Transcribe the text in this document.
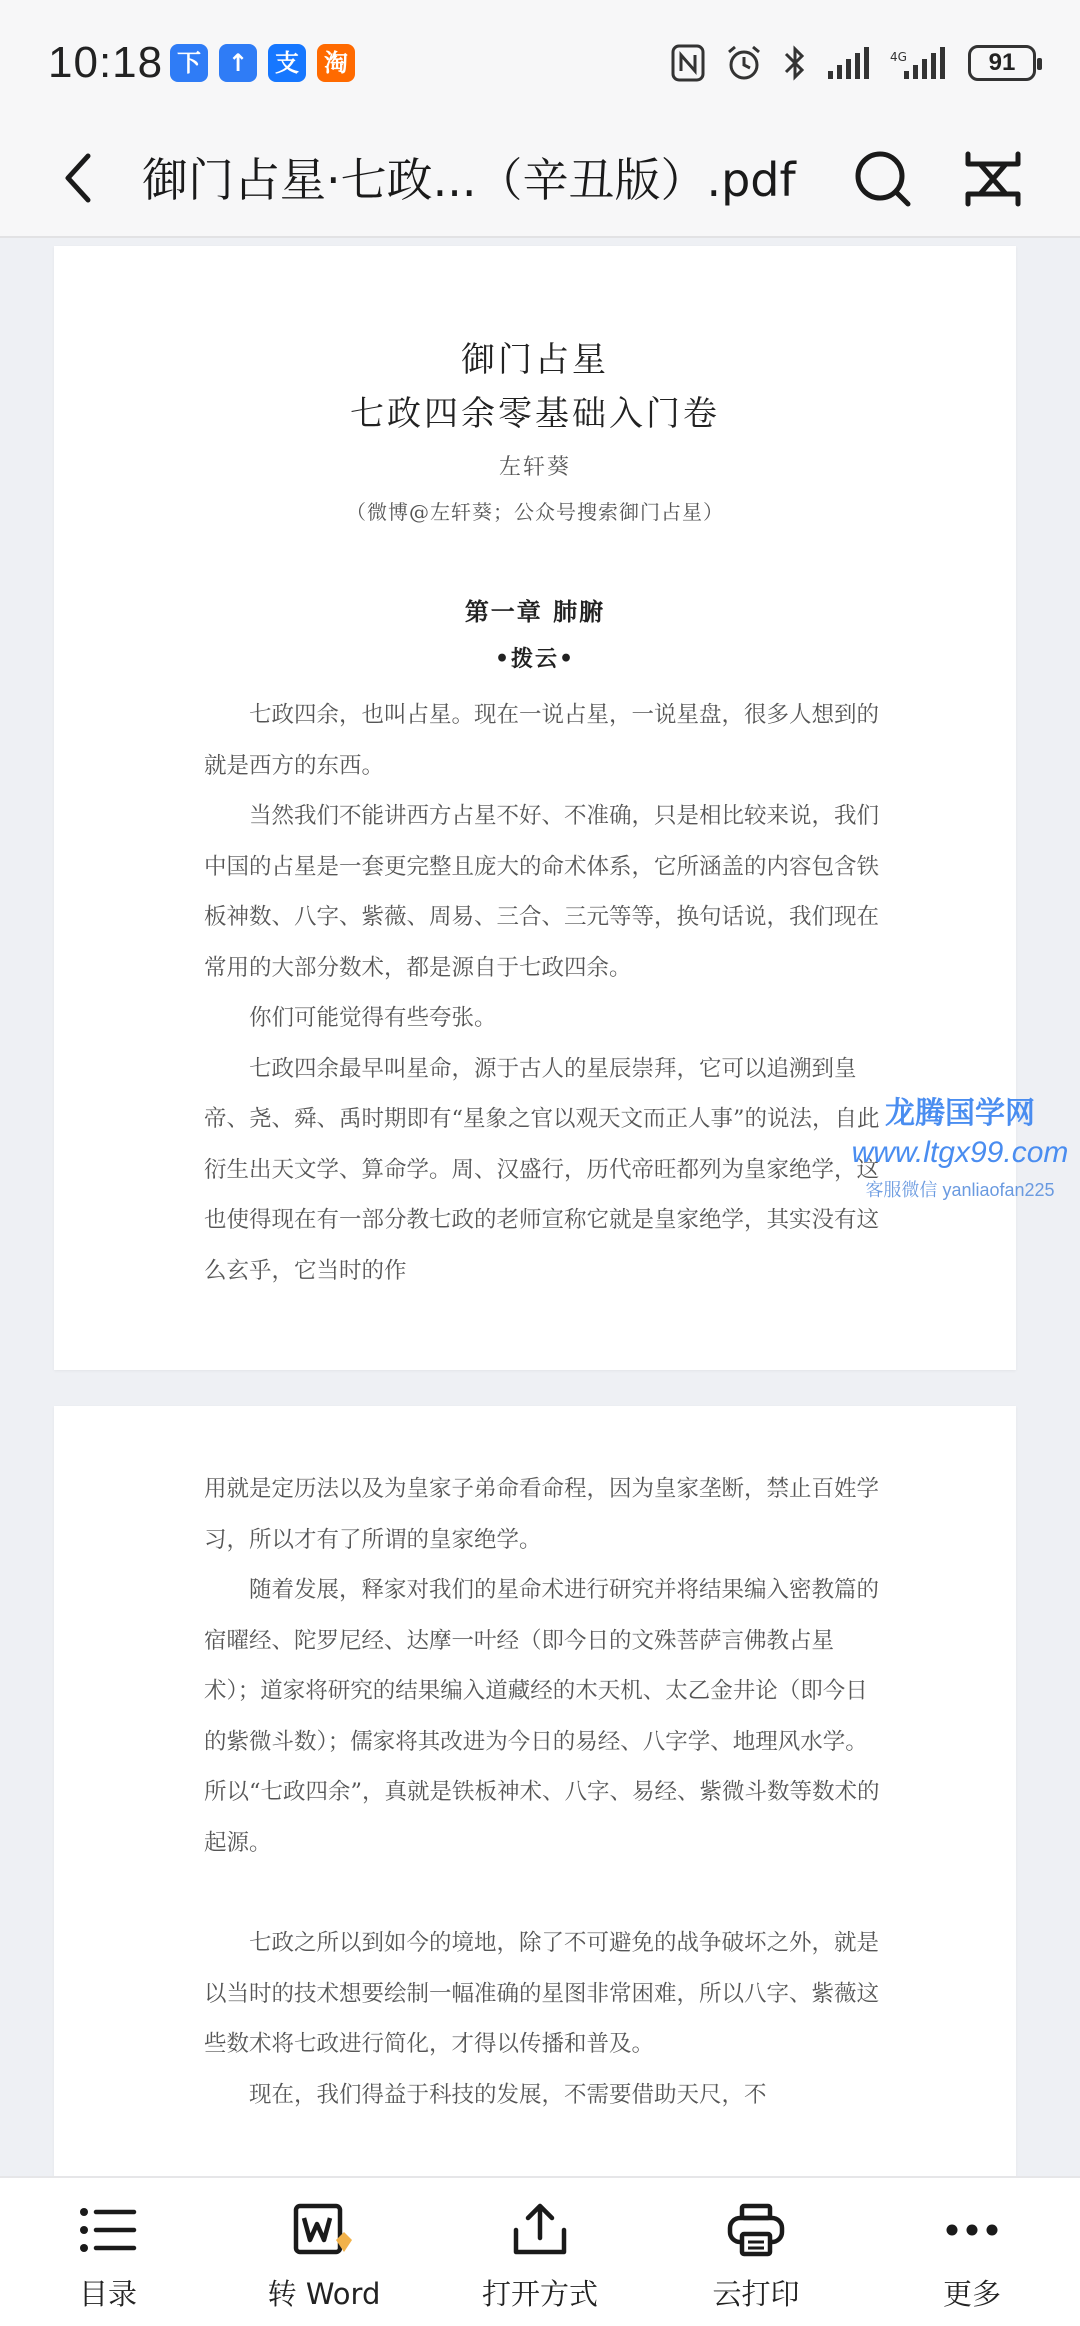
10:18 下	↑	支 淘	4G	91
御门占星·七政...（辛丑版）.pdf
御门占星
七政四余零基础入门卷
左轩葵
（微博@左轩葵；公众号搜索御门占星）
第一章 肺腑
•拨云•

七政四余，也叫占星。现在一说占星，一说星盘，很多人想到的就是西方的东西。

当然我们不能讲西方占星不好、不准确，只是相比较来说，我们中国的占星是一套更完整且庞大的命术体系，它所涵盖的内容包含铁板神数、八字、紫薇、周易、三合、三元等等，换句话说，我们现在常用的大部分数术，都是源自于七政四余。

你们可能觉得有些夸张。

七政四余最早叫星命，源于古人的星辰崇拜，它可以追溯到皇帝、尧、舜、禹时期即有“星象之官以观天文而正人事”的说法，自此衍生出天文学、算命学。周、汉盛行，历代帝旺都列为皇家绝学，这也使得现在有一部分教七政的老师宣称它就是皇家绝学，其实没有这么玄乎，它当时的作

用就是定历法以及为皇家子弟命看命程，因为皇家垄断，禁止百姓学习，所以才有了所谓的皇家绝学。

随着发展，释家对我们的星命术进行研究并将结果编入密教篇的宿曜经、陀罗尼经、达摩一叶经（即今日的文殊菩萨言佛教占星术）；道家将研究的结果编入道藏经的木天机、太乙金井论（即今日的紫微斗数）；儒家将其改进为今日的易经、八字学、地理风水学。所以“七政四余”，真就是铁板神术、八字、易经、紫微斗数等数术的起源。

七政之所以到如今的境地，除了不可避免的战争破坏之外，就是以当时的技术想要绘制一幅准确的星图非常困难，所以八字、紫薇这些数术将七政进行简化，才得以传播和普及。

现在，我们得益于科技的发展，不需要借助天尺，不

龙腾国学网
www.ltgx99.com
客服微信 yanliaofan225
目录	转 Word	打开方式	云打印	更多
